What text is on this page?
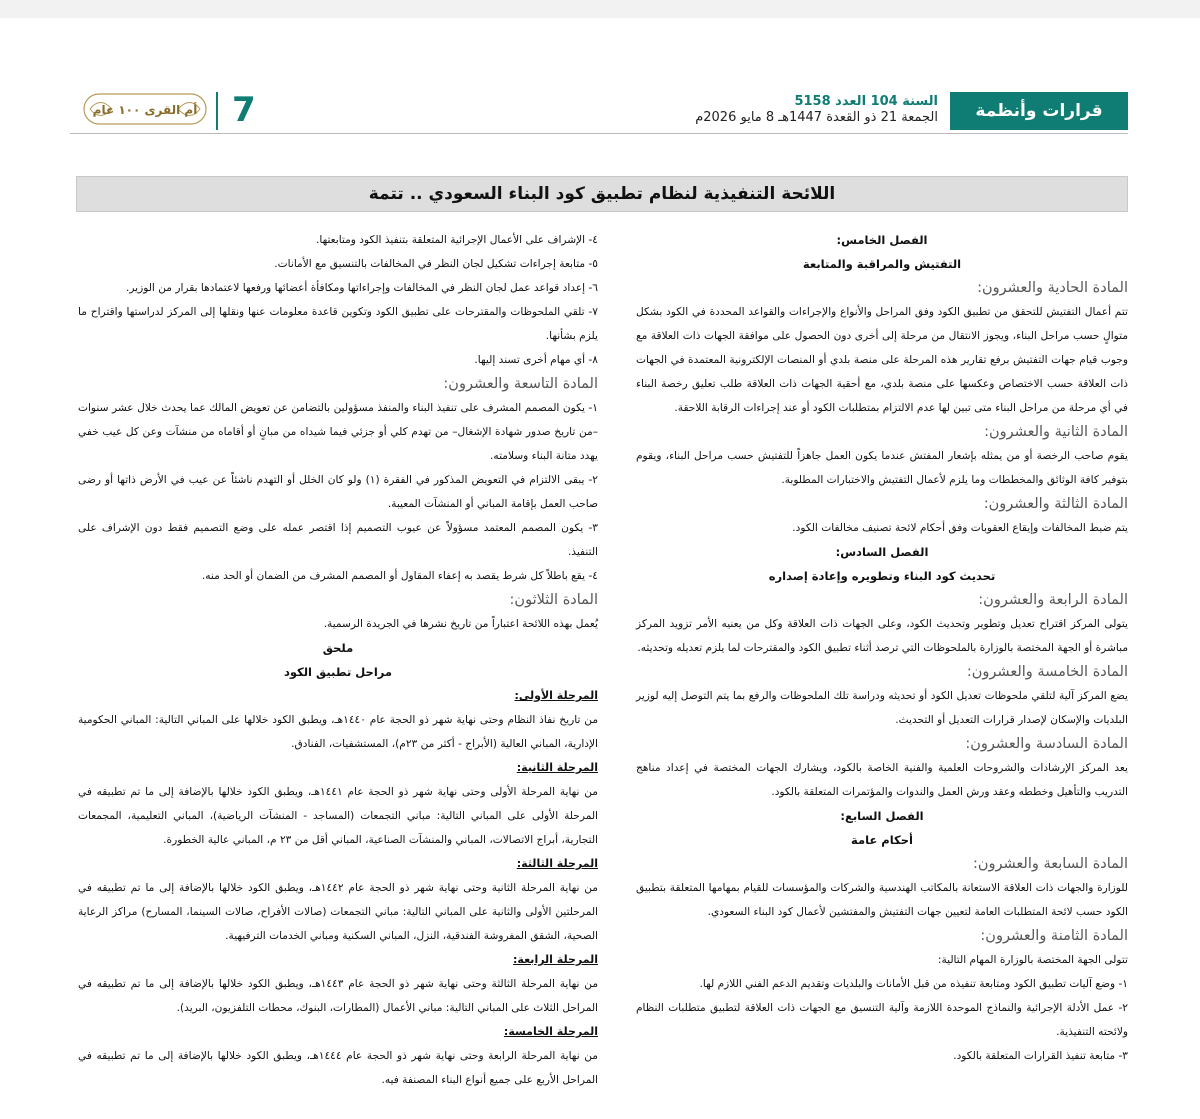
قرارات وأنظمة
السنة 104 العدد 5158
الجمعة 21 ذو القعدة 1447هـ 8 مايو 2026م
7
أم القرى ١٠٠ عام
اللائحة التنفيذية لنظام تطبيق كود البناء السعودي .. تتمة

الفصل الخامس:

التفتيش والمراقبة والمتابعة

المادة الحادية والعشرون:

تتم أعمال التفتيش للتحقق من تطبيق الكود وفق المراحل والأنواع والإجراءات والقواعد المحددة في الكود بشكل متوالٍ حسب مراحل البناء، ويجوز الانتقال من مرحلة إلى أخرى دون الحصول على موافقة الجهات ذات العلاقة مع وجوب قيام جهات التفتيش برفع تقارير هذه المرحلة على منصة بلدي أو المنصات الإلكترونية المعتمدة في الجهات ذات العلاقة حسب الاختصاص وعكسها على منصة بلدي، مع أحقية الجهات ذات العلاقة طلب تعليق رخصة البناء في أي مرحلة من مراحل البناء متى تبين لها عدم الالتزام بمتطلبات الكود أو عند إجراءات الرقابة اللاحقة.

المادة الثانية والعشرون:

يقوم صاحب الرخصة أو من يمثله بإشعار المفتش عندما يكون العمل جاهزاً للتفتيش حسب مراحل البناء، ويقوم بتوفير كافة الوثائق والمخططات وما يلزم لأعمال التفتيش والاختبارات المطلوبة.

المادة الثالثة والعشرون:

يتم ضبط المخالفات وإيقاع العقوبات وفق أحكام لائحة تصنيف مخالفات الكود.

الفصل السادس:

تحديث كود البناء وتطويره وإعادة إصداره

المادة الرابعة والعشرون:

يتولى المركز اقتراح تعديل وتطوير وتحديث الكود، وعلى الجهات ذات العلاقة وكل من يعنيه الأمر تزويد المركز مباشرة أو الجهة المختصة بالوزارة بالملحوظات التي ترصد أثناء تطبيق الكود والمقترحات لما يلزم تعديله وتحديثه.

المادة الخامسة والعشرون:

يضع المركز آلية لتلقي ملحوظات تعديل الكود أو تحديثه ودراسة تلك الملحوظات والرفع بما يتم التوصل إليه لوزير البلديات والإسكان لإصدار قرارات التعديل أو التحديث.

المادة السادسة والعشرون:

يعد المركز الإرشادات والشروحات العلمية والفنية الخاصة بالكود، ويشارك الجهات المختصة في إعداد مناهج التدريب والتأهيل وخططه وعقد ورش العمل والندوات والمؤتمرات المتعلقة بالكود.

الفصل السابع:

أحكام عامة

المادة السابعة والعشرون:

للوزارة والجهات ذات العلاقة الاستعانة بالمكاتب الهندسية والشركات والمؤسسات للقيام بمهامها المتعلقة بتطبيق الكود حسب لائحة المتطلبات العامة لتعيين جهات التفتيش والمفتشين لأعمال كود البناء السعودي.

المادة الثامنة والعشرون:

تتولى الجهة المختصة بالوزارة المهام التالية:

١- وضع آليات تطبيق الكود ومتابعة تنفيذه من قبل الأمانات والبلديات وتقديم الدعم الفني اللازم لها.

٢- عمل الأدلة الإجرائية والنماذج الموحدة اللازمة وآلية التنسيق مع الجهات ذات العلاقة لتطبيق متطلبات النظام ولائحته التنفيذية.

٣- متابعة تنفيذ القرارات المتعلقة بالكود.

٤- الإشراف على الأعمال الإجرائية المتعلقة بتنفيذ الكود ومتابعتها.

٥- متابعة إجراءات تشكيل لجان النظر في المخالفات بالتنسيق مع الأمانات.

٦- إعداد قواعد عمل لجان النظر في المخالفات وإجراءاتها ومكافأة أعضائها ورفعها لاعتمادها بقرار من الوزير.

٧- تلقي الملحوظات والمقترحات على تطبيق الكود وتكوين قاعدة معلومات عنها ونقلها إلى المركز لدراستها واقتراح ما يلزم بشأنها.

٨- أي مهام أخرى تسند إليها.

المادة التاسعة والعشرون:

١- يكون المصمم المشرف على تنفيذ البناء والمنفذ مسؤولين بالتضامن عن تعويض المالك عما يحدث خلال عشر سنوات –من تاريخ صدور شهادة الإشغال– من تهدم كلي أو جزئي فيما شيداه من مبانٍ أو أقاماه من منشآت وعن كل عيب خفي يهدد متانة البناء وسلامته.

٢- يبقى الالتزام في التعويض المذكور في الفقرة (١) ولو كان الخلل أو التهدم ناشئاً عن عيب في الأرض ذاتها أو رضى صاحب العمل بإقامة المباني أو المنشآت المعيبة.

٣- يكون المصمم المعتمد مسؤولاً عن عيوب التصميم إذا اقتصر عمله على وضع التصميم فقط دون الإشراف على التنفيذ.

٤- يقع باطلاً كل شرط يقصد به إعفاء المقاول أو المصمم المشرف من الضمان أو الحد منه.

المادة الثلاثون:

يُعمل بهذه اللائحة اعتباراً من تاريخ نشرها في الجريدة الرسمية.

ملحق

مراحل تطبيق الكود

المرحلة الأولى:

من تاريخ نفاذ النظام وحتى نهاية شهر ذو الحجة عام ١٤٤٠هـ، ويطبق الكود خلالها على المباني التالية: المباني الحكومية الإدارية، المباني العالية (الأبراج - أكثر من ٢٣م)، المستشفيات، الفنادق.

المرحلة الثانية:

من نهاية المرحلة الأولى وحتى نهاية شهر ذو الحجة عام ١٤٤١هـ، ويطبق الكود خلالها بالإضافة إلى ما تم تطبيقه في المرحلة الأولى على المباني التالية: مباني التجمعات (المساجد - المنشآت الرياضية)، المباني التعليمية، المجمعات التجارية، أبراج الاتصالات، المباني والمنشآت الصناعية، المباني أقل من ٢٣ م، المباني عالية الخطورة.

المرحلة الثالثة:

من نهاية المرحلة الثانية وحتى نهاية شهر ذو الحجة عام ١٤٤٢هـ، ويطبق الكود خلالها بالإضافة إلى ما تم تطبيقه في المرحلتين الأولى والثانية على المباني التالية: مباني التجمعات (صالات الأفراح، صالات السينما، المسارح) مراكز الرعاية الصحية، الشقق المفروشة الفندقية، النزل، المباني السكنية ومباني الخدمات الترفيهية.

المرحلة الرابعة:

من نهاية المرحلة الثالثة وحتى نهاية شهر ذو الحجة عام ١٤٤٣هـ، ويطبق الكود خلالها بالإضافة إلى ما تم تطبيقه في المراحل الثلاث على المباني التالية: مباني الأعمال (المطارات، البنوك، محطات التلفزيون، البريد).

المرحلة الخامسة:

من نهاية المرحلة الرابعة وحتى نهاية شهر ذو الحجة عام ١٤٤٤هـ، ويطبق الكود خلالها بالإضافة إلى ما تم تطبيقه في المراحل الأربع على جميع أنواع البناء المصنفة فيه.
